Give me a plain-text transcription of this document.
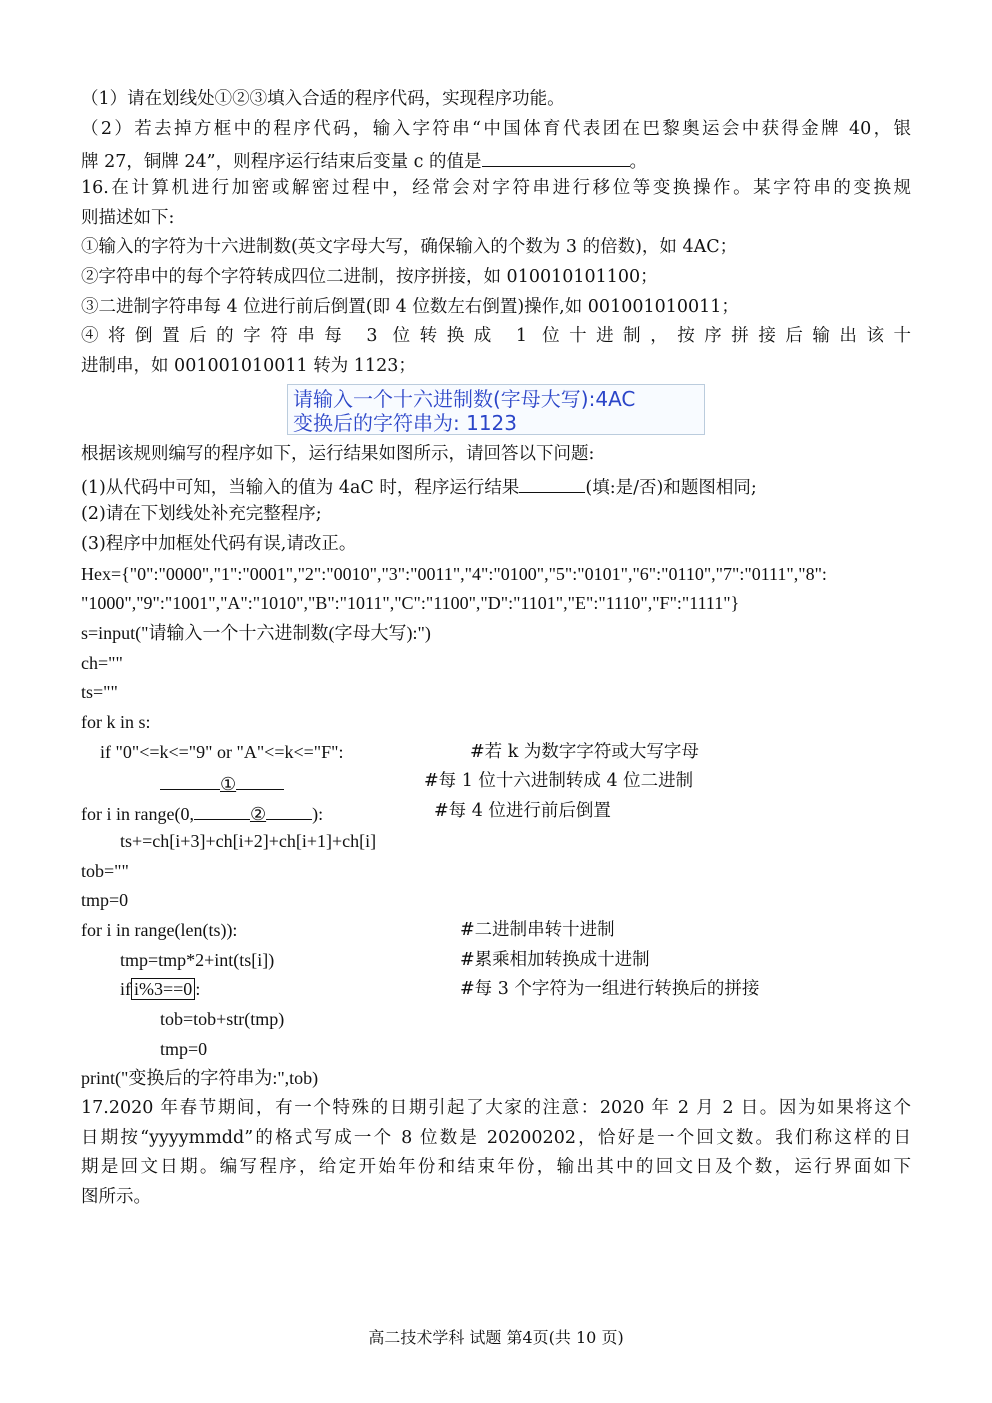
（1）请在划线处①②③填入合适的程序代码，实现程序功能。
（2）若去掉方框中的程序代码，输入字符串“中国体育代表团在巴黎奥运会中获得金牌 40，银
牌 27，铜牌 24”，则程序运行结束后变量 c 的值是	。
16.在计算机进行加密或解密过程中，经常会对字符串进行移位等变换操作。某字符串的变换规
则描述如下:
①输入的字符为十六进制数(英文字母大写，确保输入的个数为 3 的倍数)，如 4AC；
②字符串中的每个字符转成四位二进制，按序拼接，如 010010101100；
③二进制字符串每 4 位进行前后倒置(即 4 位数左右倒置)操作,如 001001010011；
④将倒置后的字符串每 3 位转换成 1 位十进制，按序拼接后输出该十
进制串，如 001001010011 转为 1123；
请输入一个十六进制数(字母大写):4AC
变换后的字符串为: 1123
根据该规则编写的程序如下，运行结果如图所示，请回答以下问题:
(1)从代码中可知，当输入的值为 4aC 时，程序运行结果	(填:是/否)和题图相同;
(2)请在下划线处补充完整程序;
(3)程序中加框处代码有误,请改正。
Hex={"0":"0000","1":"0001","2":"0010","3":"0011","4":"0100","5":"0101","6":"0110","7":"0111","8":
"1000","9":"1001","A":"1010","B":"1011","C":"1100","D":"1101","E":"1110","F":"1111"}
s=input("请输入一个十六进制数(字母大写):")
ch=""
ts=""
for k in s:
if "0"<=k<="9" or "A"<=k<="F":	#若 k 为数字字符或大写字母
①	#每 1 位十六进制转成 4 位二进制
for i in range(0,	②	):	#每 4 位进行前后倒置
ts+=ch[i+3]+ch[i+2]+ch[i+1]+ch[i]
tob=""
tmp=0
for i in range(len(ts)):	#二进制串转十进制
tmp=tmp*2+int(ts[i])	#累乘相加转换成十进制
if i%3==0 :	#每 3 个字符为一组进行转换后的拼接
tob=tob+str(tmp)
tmp=0
print("变换后的字符串为:",tob)
17.2020 年春节期间，有一个特殊的日期引起了大家的注意：2020 年 2 月 2 日。因为如果将这个
日期按“yyyymmdd”的格式写成一个 8 位数是 20200202，恰好是一个回文数。我们称这样的日
期是回文日期。编写程序，给定开始年份和结束年份，输出其中的回文日及个数，运行界面如下
图所示。
高二技术学科 试题 第4页(共 10 页)
